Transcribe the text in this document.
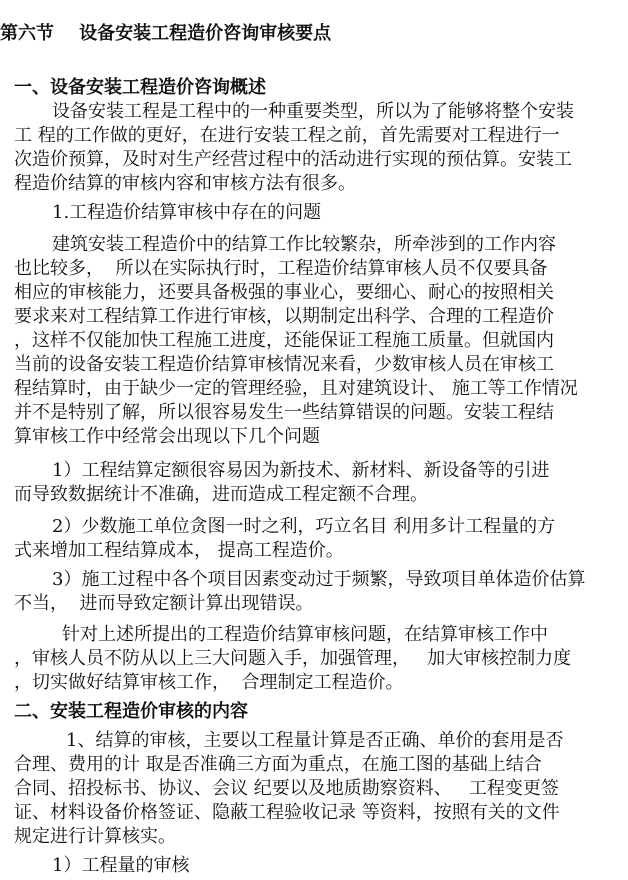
第六节    设备安装工程造价咨询审核要点
一、设备安装工程造价咨询概述
设备安装工程是工程中的一种重要类型，所以为了能够将整个安装
工 程的工作做的更好，在进行安装工程之前，首先需要对工程进行一
次造价预算，及时对生产经营过程中的活动进行实现的预估算。安装工
程造价结算的审核内容和审核方法有很多。
1.工程造价结算审核中存在的问题
建筑安装工程造价中的结算工作比较繁杂，所牵涉到的工作内容
也比较多，  所以在实际执行时，工程造价结算审核人员不仅要具备
相应的审核能力，还要具备极强的事业心，要细心、耐心的按照相关
要求来对工程结算工作进行审核，以期制定出科学、合理的工程造价
，这样不仅能加快工程施工进度，还能保证工程施工质量。但就国内
当前的设备安装工程造价结算审核情况来看，少数审核人员在审核工
程结算时，由于缺少一定的管理经验，且对建筑设计、 施工等工作情况
并不是特别了解，所以很容易发生一些结算错误的问题。安装工程结
算审核工作中经常会出现以下几个问题
1）工程结算定额很容易因为新技术、新材料、新设备等的引进
而导致数据统计不准确，进而造成工程定额不合理。
2）少数施工单位贪图一时之利，巧立名目 利用多计工程量的方
式来增加工程结算成本， 提高工程造价。
3）施工过程中各个项目因素变动过于频繁，导致项目单体造价估算
不当，  进而导致定额计算出现错误。
针对上述所提出的工程造价结算审核问题，在结算审核工作中
，审核人员不防从以上三大问题入手，加强管理，   加大审核控制力度
，切实做好结算审核工作，  合理制定工程造价。
二、安装工程造价审核的内容
1、结算的审核，主要以工程量计算是否正确、单价的套用是否
合理、费用的计 取是否准确三方面为重点，在施工图的基础上结合
合同、招投标书、协议、会议 纪要以及地质勘察资料、   工程变更签
证、材料设备价格签证、隐蔽工程验收记录 等资料，按照有关的文件
规定进行计算核实。
1）工程量的审核
